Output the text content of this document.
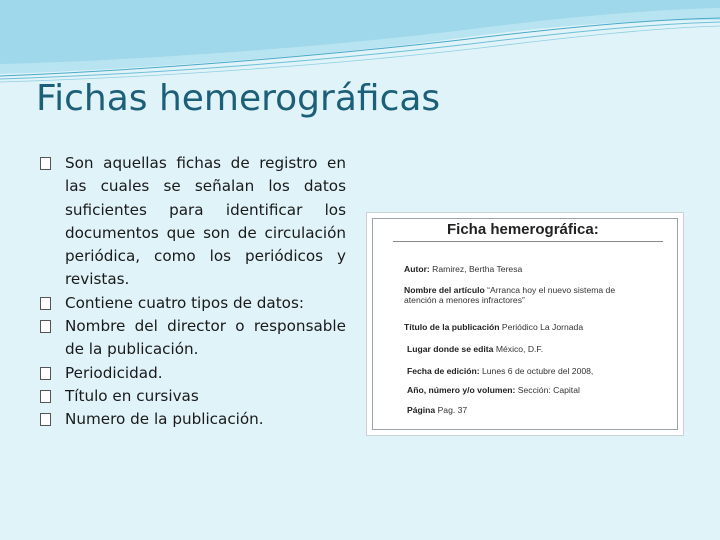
Fichas hemerográficas
Son aquellas fichas de registro en las cuales se señalan los datos suficientes para identificar los documentos que son de circulación periódica, como los periódicos y revistas.
Contiene cuatro tipos de datos:
Nombre del director o responsable de la publicación.
Periodicidad.
Título en cursivas
Numero de la publicación.
Ficha hemerográfica:
Autor: Ramirez, Bertha Teresa
Nombre del artículo “Arranca hoy el nuevo sistema de atención a menores infractores”
Título de la publicación Periódico La Jornada
Lugar donde se edita México, D.F.
Fecha de edición: Lunes 6 de octubre del 2008,
Año, número y/o volumen: Sección: Capital
Página Pag. 37
